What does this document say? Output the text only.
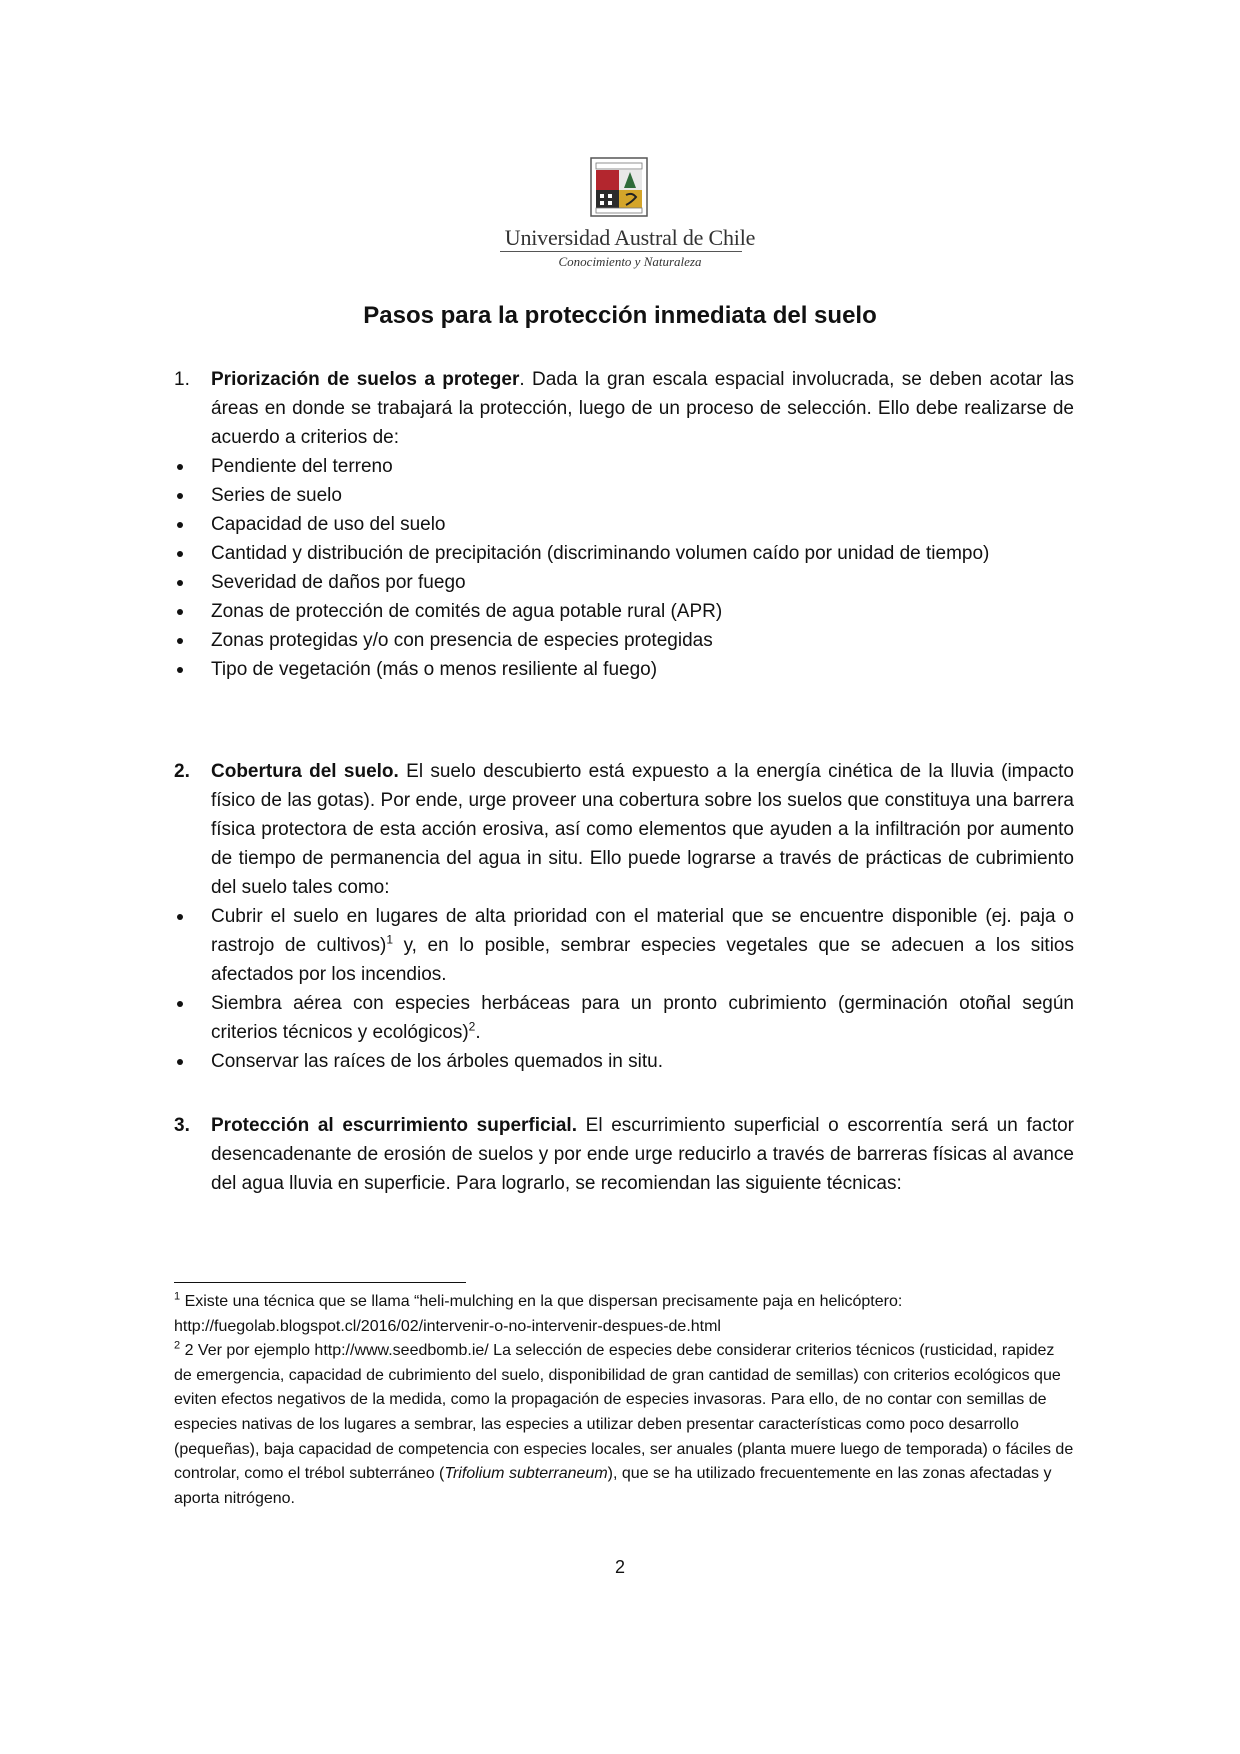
Universidad Austral de Chile
Conocimiento y Naturaleza
Pasos para la protección inmediata del suelo
1.	Priorización de suelos a proteger. Dada la gran escala espacial involucrada, se deben acotar las áreas en donde se trabajará la protección, luego de un proceso de selección. Ello debe realizarse de acuerdo a criterios de:
Pendiente del terreno
Series de suelo
Capacidad de uso del suelo
Cantidad y distribución de precipitación (discriminando volumen caído por unidad de tiempo)
Severidad de daños por fuego
Zonas de protección de comités de agua potable rural (APR)
Zonas protegidas y/o con presencia de especies protegidas
Tipo de vegetación (más o menos resiliente al fuego)
2.	Cobertura del suelo. El suelo descubierto está expuesto a la energía cinética de la lluvia (impacto físico de las gotas). Por ende, urge proveer una cobertura sobre los suelos que constituya una barrera física protectora de esta acción erosiva, así como elementos que ayuden a la infiltración por aumento de tiempo de permanencia del agua in situ. Ello puede lograrse a través de prácticas de cubrimiento del suelo tales como:
Cubrir el suelo en lugares de alta prioridad con el material que se encuentre disponible (ej. paja o rastrojo de cultivos)$^1$ y, en lo posible, sembrar especies vegetales que se adecuen a los sitios afectados por los incendios.
Siembra aérea con especies herbáceas para un pronto cubrimiento (germinación otoñal según criterios técnicos y ecológicos)$^2$.
Conservar las raíces de los árboles quemados in situ.
3.	Protección al escurrimiento superficial. El escurrimiento superficial o escorrentía será un factor desencadenante de erosión de suelos y por ende urge reducirlo a través de barreras físicas al avance del agua lluvia en superficie. Para lograrlo, se recomiendan las siguiente técnicas:

$^1$ Existe una técnica que se llama “heli-mulching en la que dispersan precisamente paja en helicóptero: http://fuegolab.blogspot.cl/2016/02/intervenir-o-no-intervenir-despues-de.html

$^2$ 2 Ver por ejemplo http://www.seedbomb.ie/ La selección de especies debe considerar criterios técnicos (rusticidad, rapidez de emergencia, capacidad de cubrimiento del suelo, disponibilidad de gran cantidad de semillas) con criterios ecológicos que eviten efectos negativos de la medida, como la propagación de especies invasoras. Para ello, de no contar con semillas de especies nativas de los lugares a sembrar, las especies a utilizar deben presentar características como poco desarrollo (pequeñas), baja capacidad de competencia con especies locales, ser anuales (planta muere luego de temporada) o fáciles de controlar, como el trébol subterráneo (Trifolium subterraneum), que se ha utilizado frecuentemente en las zonas afectadas y aporta nitrógeno.

2
